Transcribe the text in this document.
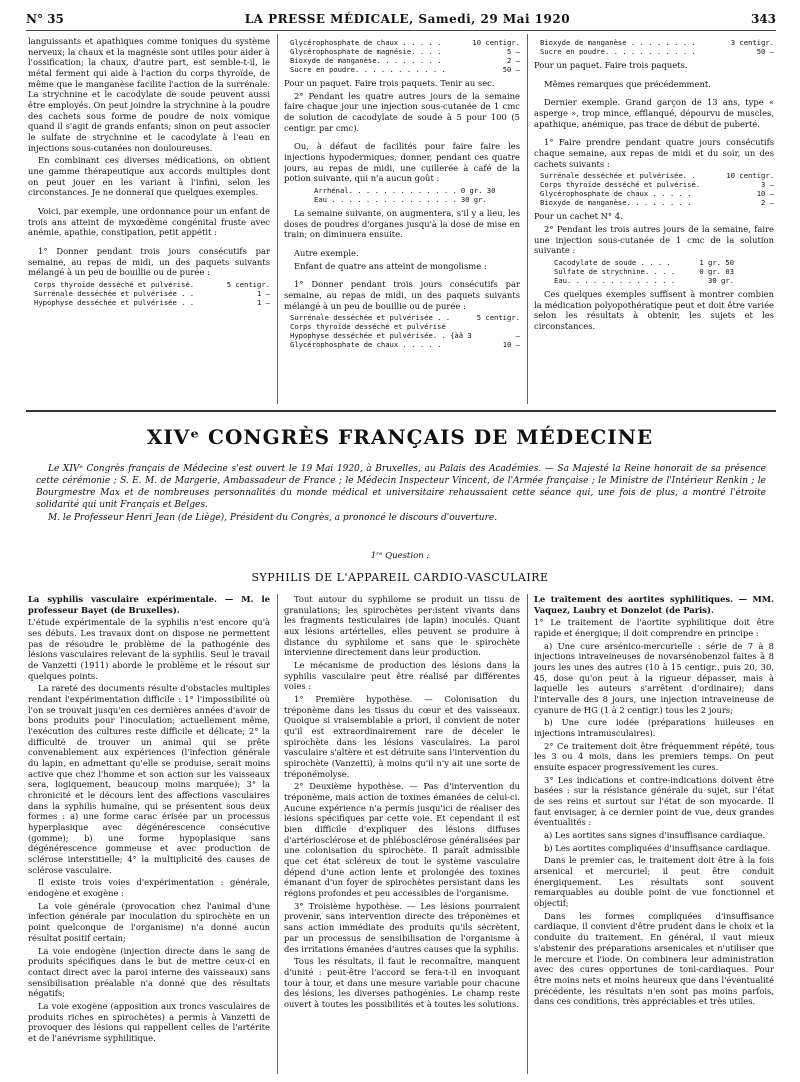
N° 35	LA PRESSE MÉDICALE, Samedi, 29 Mai 1920	343

languissants et apathiques comme toniques du système nerveux; la chaux et la magnésie sont utiles pour aider à l'ossification; la chaux, d'autre part, est semble-t-il, le métal ferment qui aide à l'action du corps thyroïde, de même que le manganèse facilite l'action de la surrénale. La strychnine et le cacodylate de soude peuvent aussi être employés. On peut joindre la strychnine à la poudre des cachets sous forme de poudre de noix vomique quand il s'agit de grands enfants; sinon on peut associer le sulfate de strychnine et le cacodylate à l'eau en injections sous-cutanées non douloureuses.

En combinant ces diverses médications, on obtient une gamme thérapeutique aux accords multiples dont on peut jouer en les variant à l'infini, selon les circonstances. Je ne donnerai que quelques exemples.

Voici, par exemple, une ordonnance pour un enfant de trois ans atteint de myxœdème congénital fruste avec anémie, apathie, constipation, petit appétit :

1° Donner pendant trois jours consécutifs par semaine, au repas de midi, un des paquets suivants mélangé à un peu de bouillie ou de purée :

Corps thyroïde desséché et pulvérisé.	5 centigr.
Surrénale desséchée et pulvérisée . .	1 —
Hypophyse desséchée et pulvérisée . .	1 —
Glycérophosphate de chaux . . . . .	10 centigr.
Glycérophosphate de magnésie. . . .	5 —
Bioxyde de manganèse. . . . . . . .	2 —
Sucre en poudre. . . . . . . . . . .	50 —

Pour un paquet. Faire trois paquets. Tenir au sec.

2° Pendant les quatre autres jours de la semaine faire chaque jour une injection sous-cutanée de 1 cmc de solution de cacodylate de soude à 5 pour 100 (5 centigr. par cmc).

Ou, à défaut de facilités pour faire faire les injections hypodermiques, donner, pendant ces quatre jours, au repas de midi, une cuillerée à café de la potion suivante, qui n'a aucun goût :

Arrhénal. . . . . . . . . . . . . 0 gr. 30
Eau . . . . . . . . . . . . . . . 30 gr.

La semaine suivante, on augmentera, s'il y a lieu, les doses de poudres d'organes jusqu'à la dose de mise en train; on diminuera ensuite.

Autre exemple.

Enfant de quatre ans atteint de mongolisme :

1° Donner pendant trois jours consécutifs par semaine, au repas de midi, un des paquets suivants mélangé à un peu de bouillie ou de purée :

Surrénale desséchée et pulvérisée . .	5 centigr.
Corps thyroïde desséché et pulvérisé
Hypophyse desséchée et pulvérisée. . {àâ 3	—
Glycérophosphate de chaux . . . . .	10 —
Bioxyde de manganèse . . . . . . . .	3 centigr.
Sucre en poudre. . . . . . . . . . .	50 —

Pour un paquet. Faire trois paquets.

Mêmes remarques que précédemment.

Dernier exemple. Grand garçon de 13 ans, type « asperge », trop mince, efflanqué, dépourvu de muscles, apathique, anémique, pas trace de début de puberté.

1° Faire prendre pendant quatre jours consécutifs chaque semaine, aux repas de midi et du soir, un des cachets suivants :

Surrénale desséchée et pulvérisée. .	10 centigr.
Corps thyroïde desséché et pulvérisé.	3 —
Glycérophosphate de chaux . . . . .	10 —
Bioxyde de manganèse. . . . . . . .	2 —

Pour un cachet N° 4.

2° Pendant les trois autres jours de la semaine, faire une injection sous-cutanée de 1 cmc de la solution suivante :

Cacodylate de soude . . . .	1 gr. 50
Sulfate de strychnine. . . .	0 gr. 03
Eau. . . . . . . . . . . . .	30 gr.

Ces quelques exemples suffisent à montrer combien la médication polyopothératique peut et doit être variée selon les résultats à obtenir, les sujets et les circonstances.

XIVᵉ CONGRÈS FRANÇAIS DE MÉDECINE

Le XIVᵉ Congrès français de Médecine s'est ouvert le 19 Mai 1920, à Bruxelles, au Palais des Académies. — Sa Majesté la Reine honorait de sa présence cette cérémonie ; S. E. M. de Margerie, Ambassadeur de France ; le Médecin Inspecteur Vincent, de l'Armée française ; le Ministre de l'Intérieur Renkin ; le Bourgmestre Max et de nombreuses personnalités du monde médical et universitaire rehaussaient cette séance qui, une fois de plus, a montré l'étroite solidarité qui unit Français et Belges.

M. le Professeur Henri Jean (de Liège), Président du Congrès, a prononcé le discours d'ouverture.

1ʳᵉ Question :
SYPHILIS DE L'APPAREIL CARDIO-VASCULAIRE

La syphilis vasculaire expérimentale. — M. le professeur Bayet (de Bruxelles).

L'étude expérimentale de la syphilis n'est encore qu'à ses débuts. Les travaux dont on dispose ne permettent pas de résoudre le problème de la pathogénie des lésions vasculaires relevant de la syphilis. Seul le travail de Vanzetti (1911) aborde le problème et le résout sur quelques points.

La rareté des documents résulte d'obstacles multiples rendant l'expérimentation difficile : 1° l'impossibilité où l'on se trouvait jusqu'en ces dernières années d'avoir de bons produits pour l'inoculation; actuellement même, l'exécution des cultures reste difficile et délicate; 2° la difficulté de trouver un animal qui se prête convenablement aux expériences (l'infection générale du lapin, en admettant qu'elle se produise, serait moins active que chez l'homme et son action sur les vaisseaux sera, logiquement, beaucoup moins marquée); 3° la chronicité et le décours lent des affections vasculaires dans la syphilis humaine, qui se présentent sous deux formes : a) une forme carac érisée par un processus hyperplasique avec dégénérescence consécutive (gomme); b) une forme hypoplasique sans dégénérescence gommeuse et avec production de sclérose interstitielle; 4° la multiplicité des causes de sclérose vasculaire.

Il existe trois voies d'expérimentation : générale, endogène et exogène :

La voie générale (provocation chez l'animal d'une infection générale par inoculation du spirochète en un point quelconque de l'organisme) n'a donné aucun résultat positif certain;

La voie endogène (injection directe dans le sang de produits spécifiques dans le but de mettre ceux-ci en contact direct avec la paroi interne des vaisseaux) sans sensibilisation préalable n'a donné que des résultats négatifs;

La voie exogène (apposition aux troncs vasculaires de produits riches en spirochètes) a permis à Vanzetti de provoquer des lésions qui rappellent celles de l'artérite et de l'anévrisme syphilitique.

Tout autour du syphilome se produit un tissu de granulations; les spirochètes per:istent vivants dans les fragments testiculaires (de lapin) inoculés. Quant aux lésions artérielles, elles peuvent se produire à distance du syphilome et sans que le spirochète intervienne directement dans leur production.

Le mécanisme de production des lésions dans la syphilis vasculaire peut être réalisé par différentes voies :

1° Première hypothèse. — Colonisation du tréponème dans les tissus du cœur et des vaisseaux. Quoique si vraisemblable a priori, il convient de noter qu'il est extraordinairement rare de déceler le spirochète dans les lésions vasculaires. La paroi vasculaire s'altère et est détruite sans l'intervention du spirochète (Vanzetti), à moins qu'il n'y ait une sorte de tréponémolyse.

2° Deuxième hypothèse. — Pas d'intervention du tréponème, mais action de toxines émanées de celui-ci. Aucune expérience n'a permis jusqu'ici de réaliser des lésions spécifiques par cette voie. Et cependant il est bien difficile d'expliquer des lésions diffuses d'artériosclérose et de phlébosclérose généralisées par une colonisation du spirochète. Il paraît admissible que cet état scléreux de tout le système vasculaire dépend d'une action lente et prolongée des toxines émanant d'un foyer de spirochètes persistant dans les régions profondes et peu accessibles de l'organisme.

3° Troisième hypothèse. — Les lésions pourraient provenir, sans intervention directe des tréponèmes et sans action immédiate des produits qu'ils sécrètent, par un processus de sensibilisation de l'organisme à des irritations émanées d'autres causes que la syphilis.

Tous les résultats, il faut le reconnaître, manquent d'unité : peut-être l'accord se fera-t-il en invoquant tour à tour, et dans une mesure variable pour chacune des lésions, les diverses pathogénies. Le champ reste ouvert à toutes les possibilités et à toutes les solutions.

Le traitement des aortites syphilitiques. — MM. Vaquez, Laubry et Donzelot (de Paris).

1° Le traitement de l'aortite syphilitique doit être rapide et énergique; il doit comprendre en principe :

a) Une cure arsénico-mercurielle : série de 7 à 8 injections intraveineuses de novarsénobenzol faites à 8 jours les unes des autres (10 à 15 centigr., puis 20, 30, 45, dose qu'on peut à la rigueur dépasser, mais à laquelle les auteurs s'arrêtent d'ordinaire); dans l'intervalle des 8 jours, une injection intraveineuse de cyanure de HG (1 à 2 centigr.) tous les 2 jours;

b) Une cure iodée (préparations huileuses en injections intramusculaires).

2° Ce traitement doit être fréquemment répété, tous les 3 ou 4 mois, dans les premiers temps. On peut ensuite espacer progressivement les cures.

3° Les indications et contre-indications doivent être basées : sur la résistance générale du sujet, sur l'état de ses reins et surtout sur l'état de son myocarde. Il faut envisager, à ce dernier point de vue, deux grandes éventualités :

a) Les aortites sans signes d'insuffisance cardiaque.

b) Les aortites compliquées d'insuffisance cardiaque.

Dans le premier cas, le traitement doit être à la fois arsenical et mercuriel; il peut être conduit énergiquement. Les résultats sont souvent remarquables au double point de vue fonctionnel et objectif;

Dans les formes compliquées d'insuffisance cardiaque, il convient d'être prudent dans le choix et la conduite du traitement. En général, il vaut mieux s'abstenir des préparations arsenicales et n'utiliser que le mercure et l'iode. On combinera leur administration avec des cures opportunes de toni-cardiaques. Pour être moins nets et moins heureux que dans l'éventualité précédente, les résultats n'en sont pas moins parfois, dans ces conditions, très appréciables et très utiles.
